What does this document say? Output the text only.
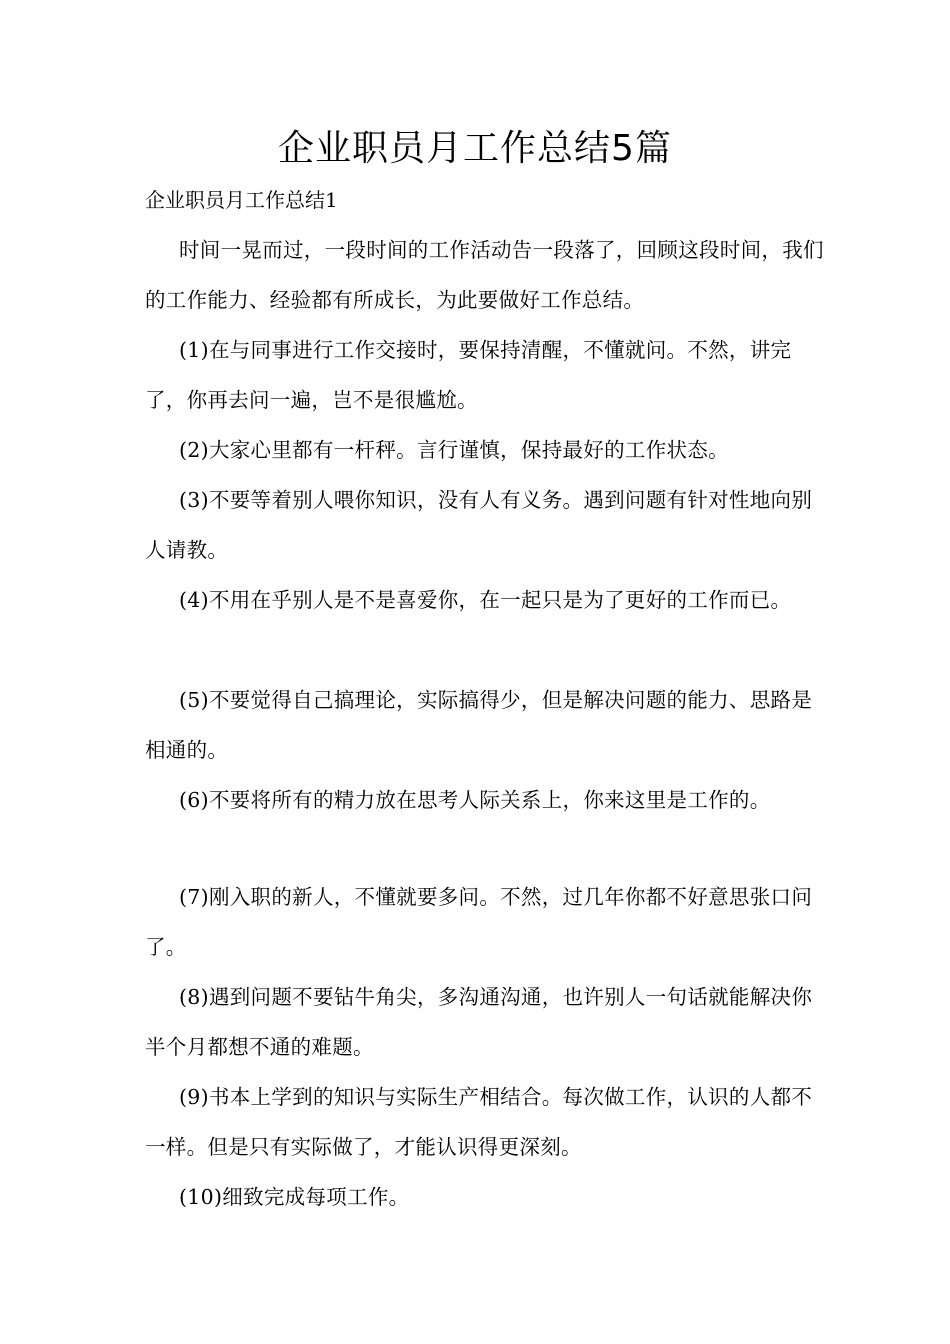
企业职员月工作总结5篇

企业职员月工作总结1

时间一晃而过，一段时间的工作活动告一段落了，回顾这段时间，我们的工作能力、经验都有所成长，为此要做好工作总结。

(1)在与同事进行工作交接时，要保持清醒，不懂就问。不然，讲完了，你再去问一遍，岂不是很尴尬。

(2)大家心里都有一杆秤。言行谨慎，保持最好的工作状态。

(3)不要等着别人喂你知识，没有人有义务。遇到问题有针对性地向别人请教。

(4)不用在乎别人是不是喜爱你，在一起只是为了更好的工作而已。

(5)不要觉得自己搞理论，实际搞得少，但是解决问题的能力、思路是相通的。

(6)不要将所有的精力放在思考人际关系上，你来这里是工作的。

(7)刚入职的新人，不懂就要多问。不然，过几年你都不好意思张口问了。

(8)遇到问题不要钻牛角尖，多沟通沟通，也许别人一句话就能解决你半个月都想不通的难题。

(9)书本上学到的知识与实际生产相结合。每次做工作，认识的人都不一样。但是只有实际做了，才能认识得更深刻。

(10)细致完成每项工作。
